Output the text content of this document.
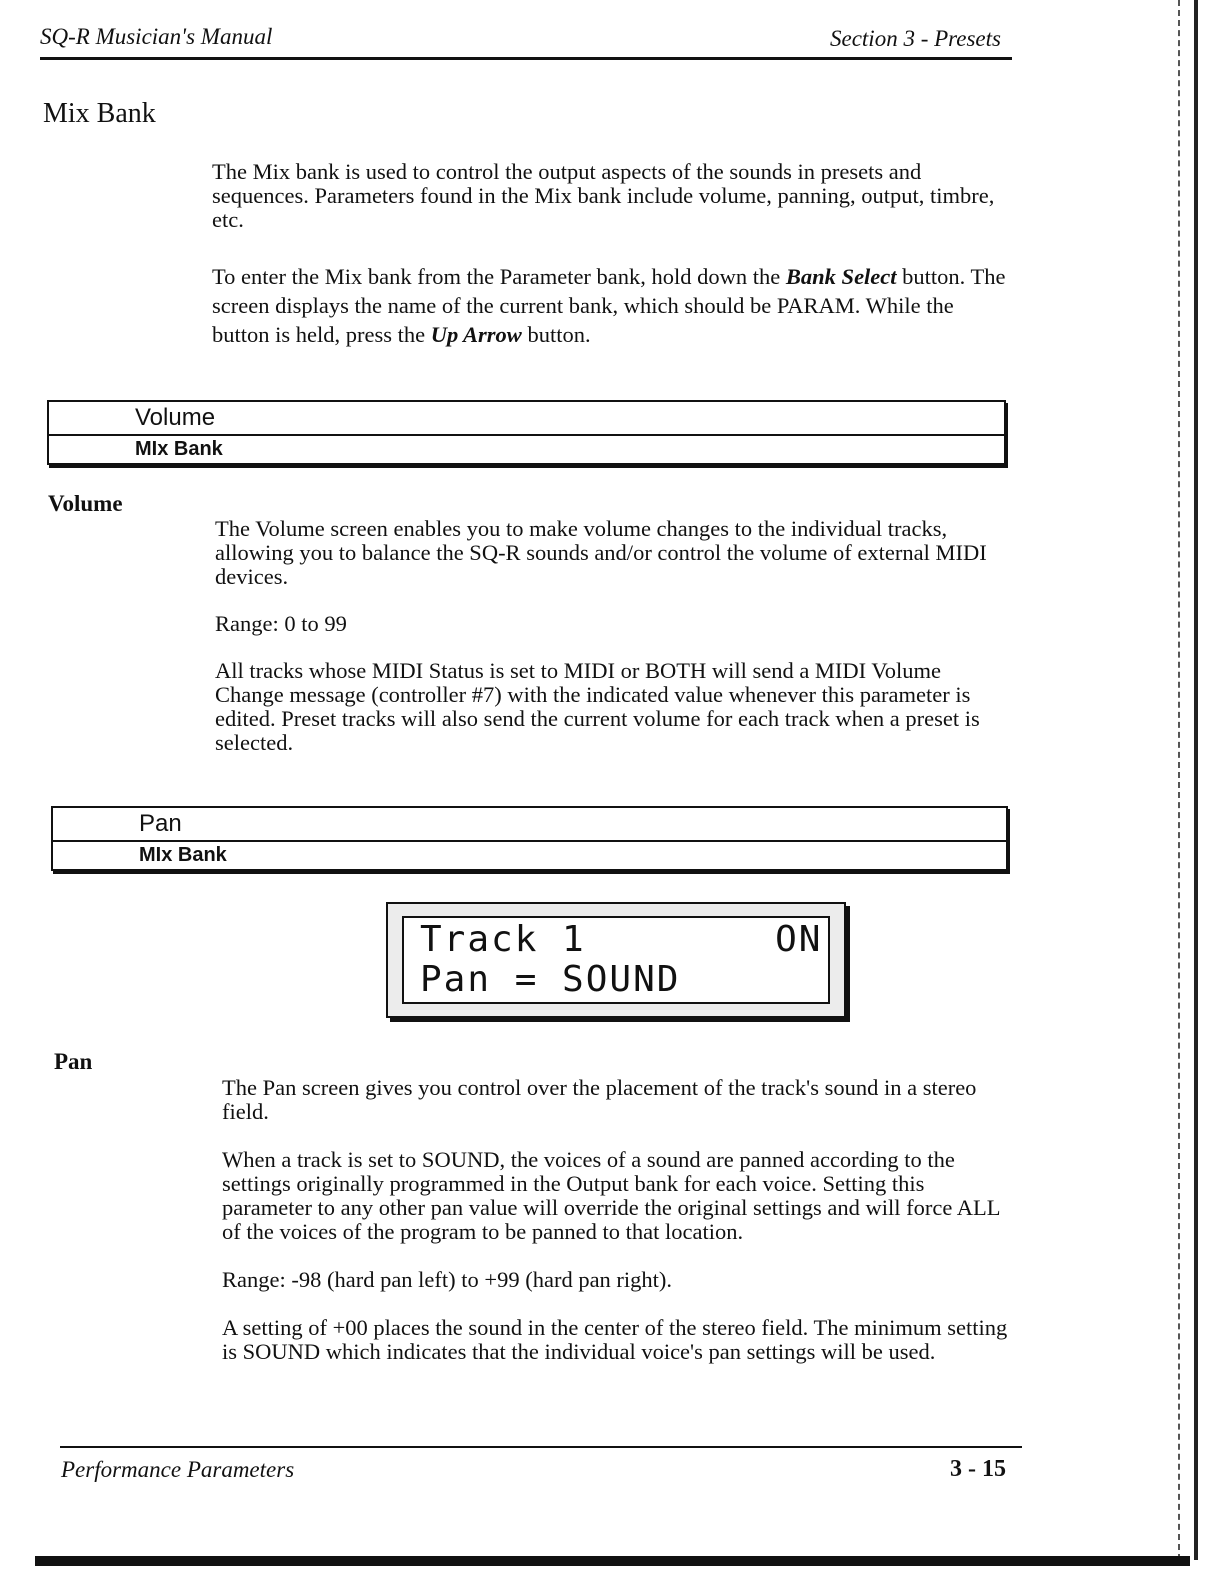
SQ-R Musician's Manual	Section 3 - Presets
Mix Bank

The Mix bank is used to control the output aspects of the sounds in presets and sequences. Parameters found in the Mix bank include volume, panning, output, timbre, etc.

To enter the Mix bank from the Parameter bank, hold down the Bank Select button. The screen displays the name of the current bank, which should be PARAM. While the button is held, press the Up Arrow button.

Volume
MIx Bank
Volume

The Volume screen enables you to make volume changes to the individual tracks, allowing you to balance the SQ-R sounds and/or control the volume of external MIDI devices.

Range: 0 to 99

All tracks whose MIDI Status is set to MIDI or BOTH will send a MIDI Volume Change message (controller #7) with the indicated value whenever this parameter is edited. Preset tracks will also send the current volume for each track when a preset is selected.

Pan
MIx Bank
Track 1        ON
Pan = SOUND
Pan

The Pan screen gives you control over the placement of the track's sound in a stereo field.

When a track is set to SOUND, the voices of a sound are panned according to the settings originally programmed in the Output bank for each voice. Setting this parameter to any other pan value will override the original settings and will force ALL of the voices of the program to be panned to that location.

Range: -98 (hard pan left) to +99 (hard pan right).

A setting of +00 places the sound in the center of the stereo field. The minimum setting is SOUND which indicates that the individual voice's pan settings will be used.

Performance Parameters	3 - 15
